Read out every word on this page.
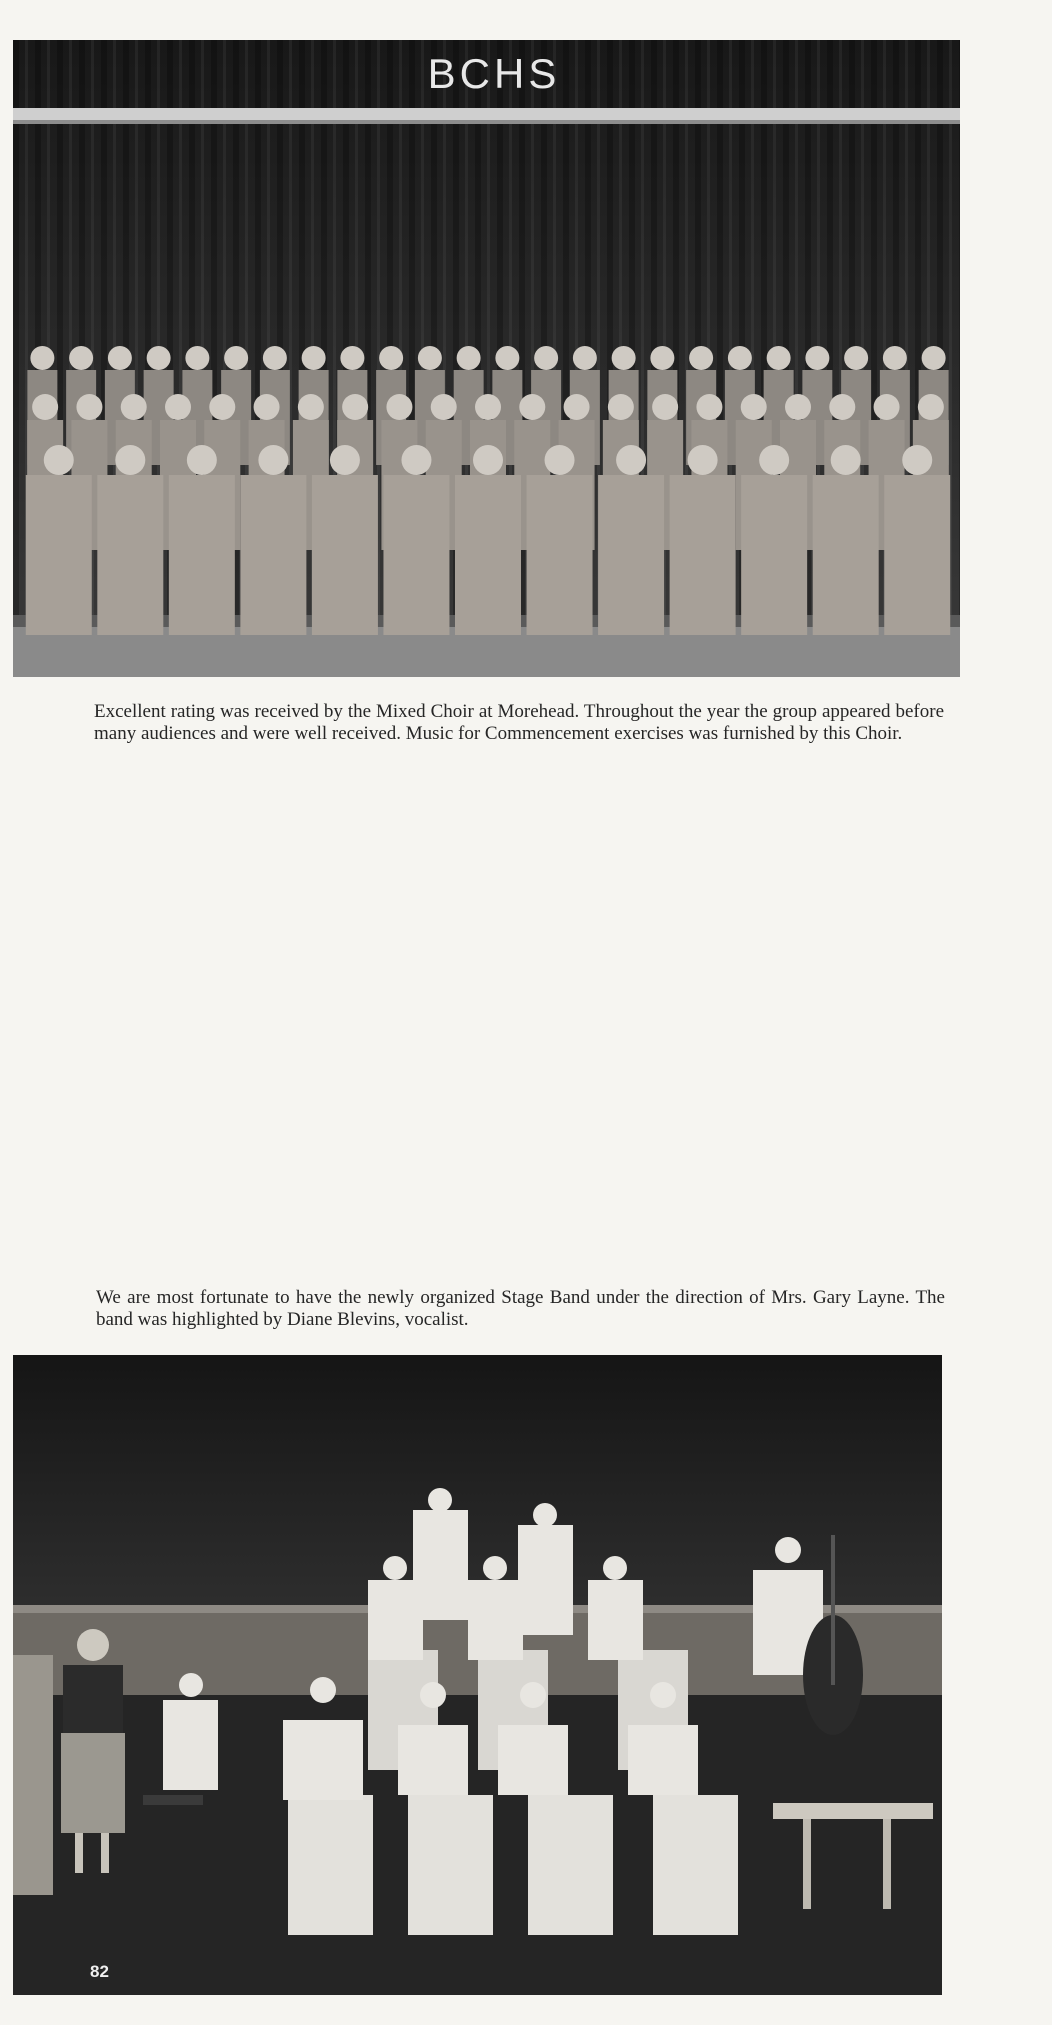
BCHS

Excellent rating was received by the Mixed Choir at Morehead. Throughout the year the group appeared before many audiences and were well received. Music for Commencement exercises was furnished by this Choir.

We are most fortunate to have the newly organized Stage Band under the direction of Mrs. Gary Layne. The band was highlighted by Diane Blevins, vocalist.

82
